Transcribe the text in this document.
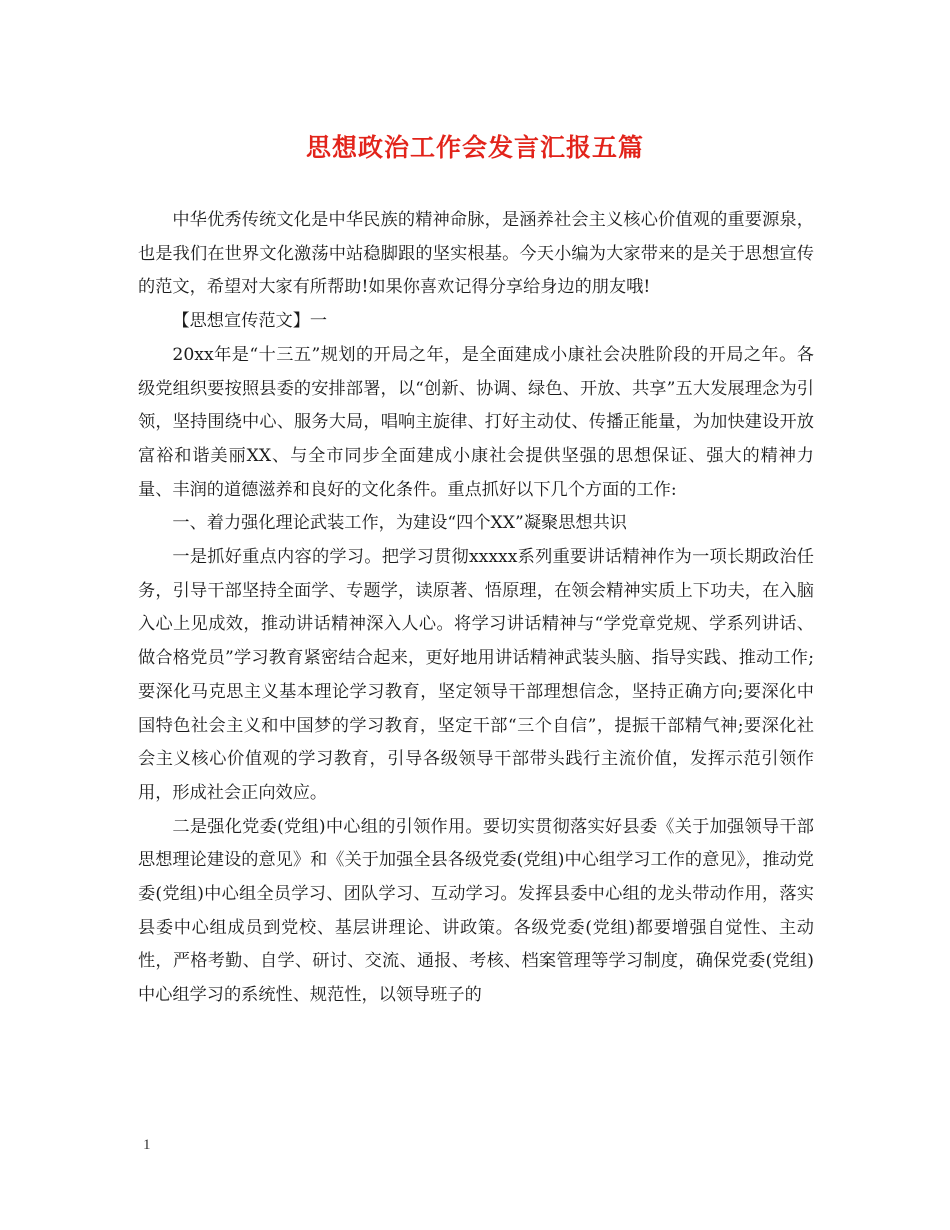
思想政治工作会发言汇报五篇

中华优秀传统文化是中华民族的精神命脉，是涵养社会主义核心价值观的重要源泉，也是我们在世界文化激荡中站稳脚跟的坚实根基。今天小编为大家带来的是关于思想宣传的范文，希望对大家有所帮助!如果你喜欢记得分享给身边的朋友哦!

【思想宣传范文】一

20xx年是“十三五”规划的开局之年，是全面建成小康社会决胜阶段的开局之年。各级党组织要按照县委的安排部署，以“创新、协调、绿色、开放、共享”五大发展理念为引领，坚持围绕中心、服务大局，唱响主旋律、打好主动仗、传播正能量，为加快建设开放富裕和谐美丽XX、与全市同步全面建成小康社会提供坚强的思想保证、强大的精神力量、丰润的道德滋养和良好的文化条件。重点抓好以下几个方面的工作:

一、着力强化理论武装工作，为建设“四个XX”凝聚思想共识

一是抓好重点内容的学习。把学习贯彻xxxxx系列重要讲话精神作为一项长期政治任务，引导干部坚持全面学、专题学，读原著、悟原理，在领会精神实质上下功夫，在入脑入心上见成效，推动讲话精神深入人心。将学习讲话精神与“学党章党规、学系列讲话、做合格党员”学习教育紧密结合起来，更好地用讲话精神武装头脑、指导实践、推动工作;要深化马克思主义基本理论学习教育，坚定领导干部理想信念，坚持正确方向;要深化中国特色社会主义和中国梦的学习教育，坚定干部“三个自信”，提振干部精气神;要深化社会主义核心价值观的学习教育，引导各级领导干部带头践行主流价值，发挥示范引领作用，形成社会正向效应。

二是强化党委(党组)中心组的引领作用。要切实贯彻落实好县委《关于加强领导干部思想理论建设的意见》和《关于加强全县各级党委(党组)中心组学习工作的意见》，推动党委(党组)中心组全员学习、团队学习、互动学习。发挥县委中心组的龙头带动作用，落实县委中心组成员到党校、基层讲理论、讲政策。各级党委(党组)都要增强自觉性、主动性，严格考勤、自学、研讨、交流、通报、考核、档案管理等学习制度，确保党委(党组)中心组学习的系统性、规范性，以领导班子的

1
